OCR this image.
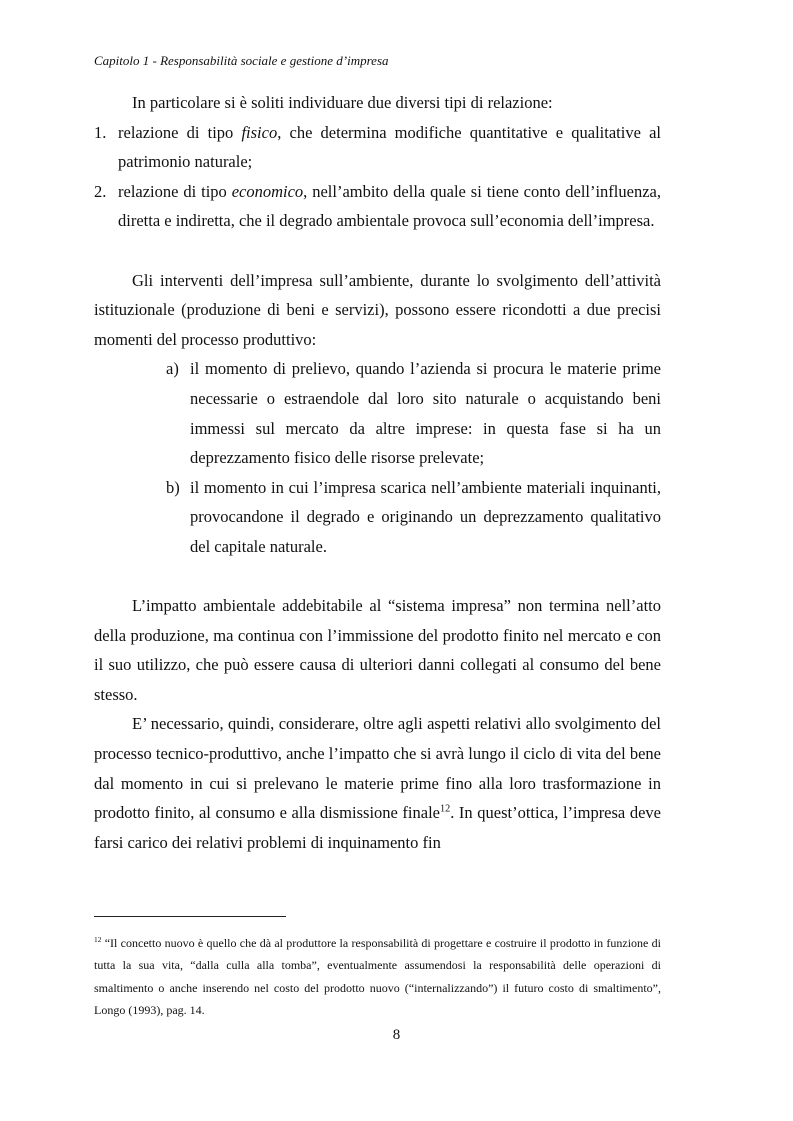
Capitolo 1 - Responsabilità sociale e gestione d’impresa

In particolare si è soliti individuare due diversi tipi di relazione:

1. relazione di tipo fisico, che determina modifiche quantitative e qualitative al patrimonio naturale;
2. relazione di tipo economico, nell’ambito della quale si tiene conto dell’influenza, diretta e indiretta, che il degrado ambientale provoca sull’economia dell’impresa.

Gli interventi dell’impresa sull’ambiente, durante lo svolgimento dell’attività istituzionale (produzione di beni e servizi), possono essere ricondotti a due precisi momenti del processo produttivo:

a) il momento di prelievo, quando l’azienda si procura le materie prime necessarie o estraendole dal loro sito naturale o acquistando beni immessi sul mercato da altre imprese: in questa fase si ha un deprezzamento fisico delle risorse prelevate;
b) il momento in cui l’impresa scarica nell’ambiente materiali inquinanti, provocandone il degrado e originando un deprezzamento qualitativo del capitale naturale.

L’impatto ambientale addebitabile al “sistema impresa” non termina nell’atto della produzione, ma continua con l’immissione del prodotto finito nel mercato e con il suo utilizzo, che può essere causa di ulteriori danni collegati al consumo del bene stesso.

E’ necessario, quindi, considerare, oltre agli aspetti relativi allo svolgimento del processo tecnico-produttivo, anche l’impatto che si avrà lungo il ciclo di vita del bene dal momento in cui si prelevano le materie prime fino alla loro trasformazione in prodotto finito, al consumo e alla dismissione finale$^{12}$. In quest’ottica, l’impresa deve farsi carico dei relativi problemi di inquinamento fin

$^{12}$ “Il concetto nuovo è quello che dà al produttore la responsabilità di progettare e costruire il prodotto in funzione di tutta la sua vita, “dalla culla alla tomba”, eventualmente assumendosi la responsabilità delle operazioni di smaltimento o anche inserendo nel costo del prodotto nuovo (“internalizzando”) il futuro costo di smaltimento”, Longo (1993), pag. 14.
8
